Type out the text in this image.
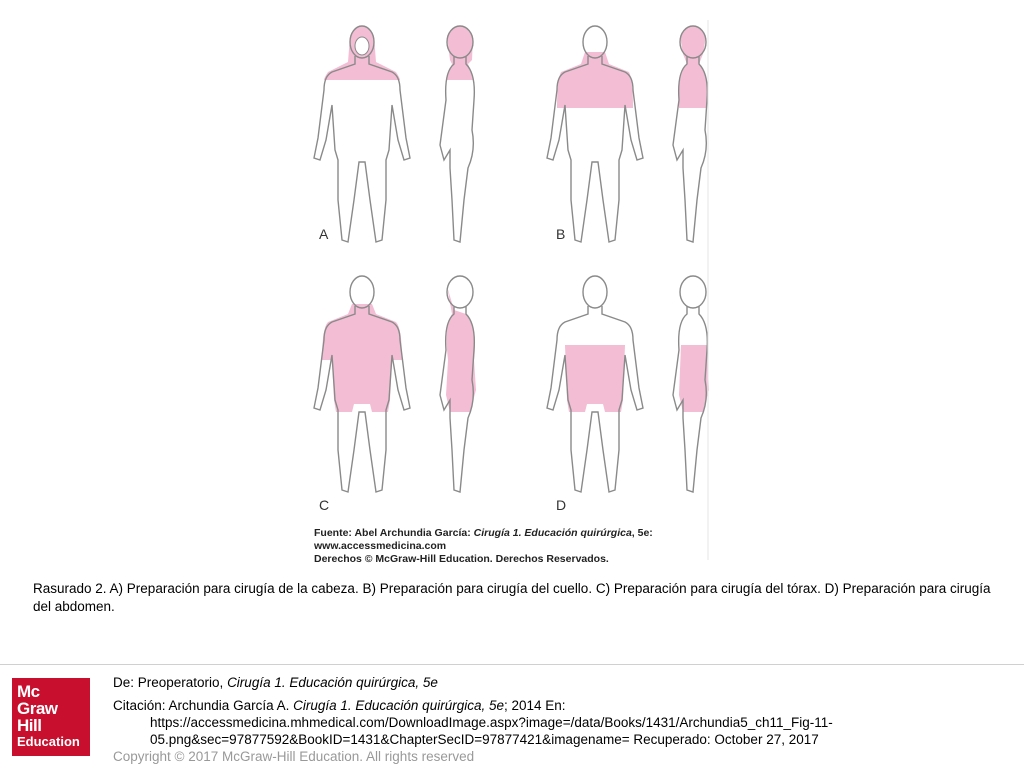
A	B
C	D
Fuente: Abel Archundia García: Cirugía 1. Educación quirúrgica, 5e:
www.accessmedicina.com
Derechos © McGraw-Hill Education. Derechos Reservados.

Rasurado 2. A) Preparación para cirugía de la cabeza. B) Preparación para cirugía del cuello. C) Preparación para cirugía del tórax. D) Preparación para cirugía del abdomen.

Mc
Graw
Hill
Education
De: Preoperatorio, Cirugía 1. Educación quirúrgica, 5e
Citación: Archundia García A. Cirugía 1. Educación quirúrgica, 5e; 2014 En:
https://accessmedicina.mhmedical.com/DownloadImage.aspx?image=/data/Books/1431/Archundia5_ch11_Fig-11-
05.png&sec=97877592&BookID=1431&ChapterSecID=97877421&imagename= Recuperado: October 27, 2017
Copyright © 2017 McGraw-Hill Education. All rights reserved
